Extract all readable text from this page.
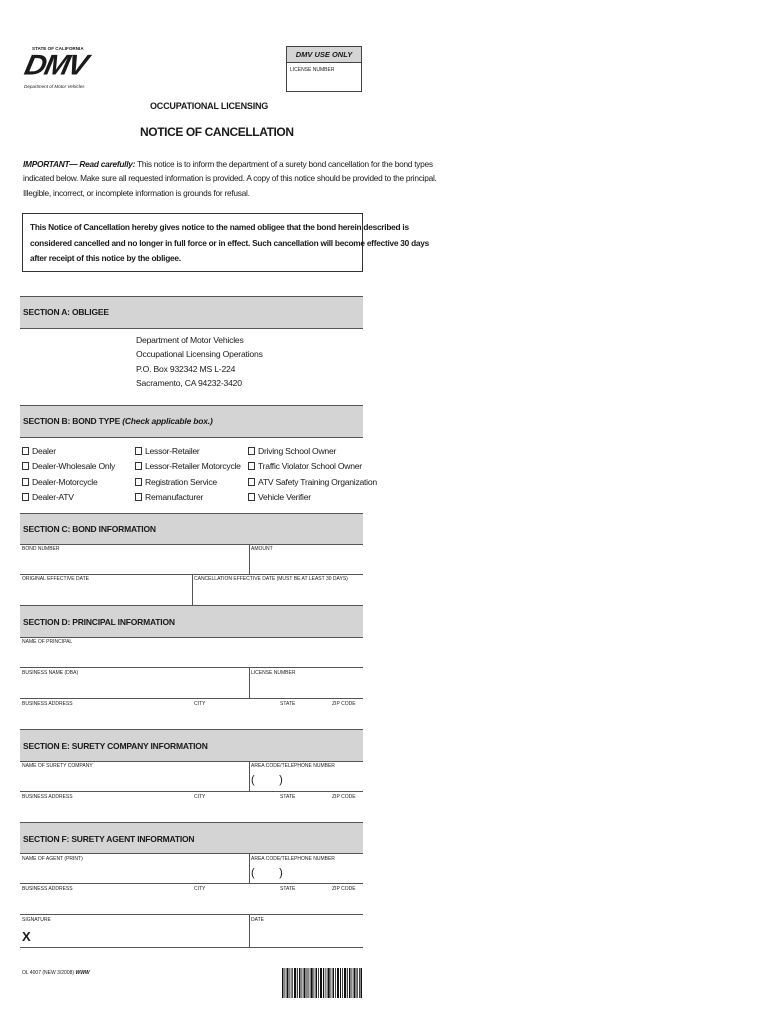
STATE OF CALIFORNIA
DMV
Department of Motor Vehicles
DMV USE ONLY
LICENSE NUMBER
OCCUPATIONAL LICENSING
NOTICE OF CANCELLATION
IMPORTANT— Read carefully: This notice is to inform the department of a surety bond cancellation for the bond types
indicated below. Make sure all requested information is provided. A copy of this notice should be provided to the principal.
Illegible, incorrect, or incomplete information is grounds for refusal.
This Notice of Cancellation hereby gives notice to the named obligee that the bond herein described is
considered cancelled and no longer in full force or in effect. Such cancellation will become effective 30 days
after receipt of this notice by the obligee.
SECTION A: OBLIGEE
Department of Motor Vehicles
Occupational Licensing Operations
P.O. Box 932342 MS L-224
Sacramento, CA 94232-3420
SECTION B: BOND TYPE (Check applicable box.)
Dealer
Dealer-Wholesale Only
Dealer-Motorcycle
Dealer-ATV
Lessor-Retailer
Lessor-Retailer Motorcycle
Registration Service
Remanufacturer
Driving School Owner
Traffic Violator School Owner
ATV Safety Training Organization
Vehicle Verifier
SECTION C: BOND INFORMATION
BOND NUMBER	AMOUNT
ORIGINAL EFFECTIVE DATE	CANCELLATION EFFECTIVE DATE (MUST BE AT LEAST 30 DAYS)
SECTION D: PRINCIPAL INFORMATION
NAME OF PRINCIPAL
BUSINESS NAME (DBA)	LICENSE NUMBER
BUSINESS ADDRESS	CITY	STATE	ZIP CODE
SECTION E: SURETY COMPANY INFORMATION
NAME OF SURETY COMPANY	AREA CODE/TELEPHONE NUMBER
(        )
BUSINESS ADDRESS	CITY	STATE	ZIP CODE
SECTION F: SURETY AGENT INFORMATION
NAME OF AGENT (PRINT)	AREA CODE/TELEPHONE NUMBER
(        )
BUSINESS ADDRESS	CITY	STATE	ZIP CODE
SIGNATURE
X
DATE
OL 4007 (NEW 3/2008) WWW
